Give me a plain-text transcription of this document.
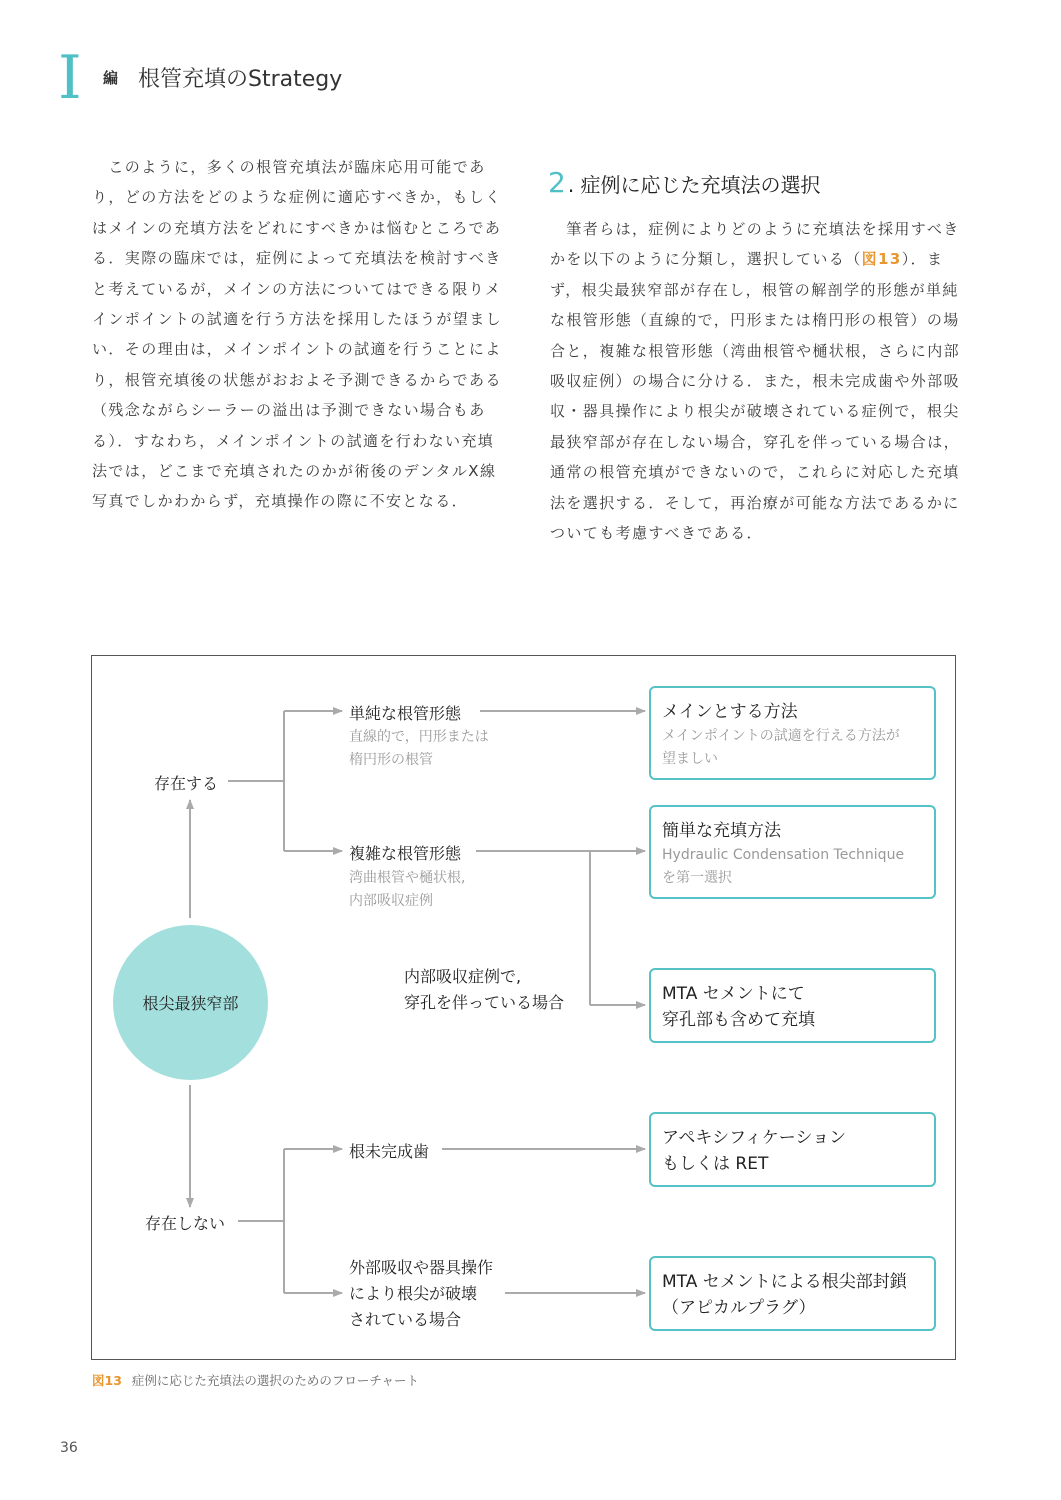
I 編 根管充填のStrategy

　このように，多くの根管充填法が臨床応用可能であり，どの方法をどのような症例に適応すべきか，もしくはメインの充填方法をどれにすべきかは悩むところである．実際の臨床では，症例によって充填法を検討すべきと考えているが，メインの方法についてはできる限りメインポイントの試適を行う方法を採用したほうが望ましい．その理由は，メインポイントの試適を行うことにより，根管充填後の状態がおおよそ予測できるからである（残念ながらシーラーの溢出は予測できない場合もある）．すなわち，メインポイントの試適を行わない充填法では，どこまで充填されたのかが術後のデンタルX線写真でしかわからず，充填操作の際に不安となる．

2 . 症例に応じた充填法の選択

　筆者らは，症例によりどのように充填法を採用すべきかを以下のように分類し，選択している（図13）．まず，根尖最狭窄部が存在し，根管の解剖学的形態が単純な根管形態（直線的で，円形または楕円形の根管）の場合と，複雑な根管形態（湾曲根管や樋状根，さらに内部吸収症例）の場合に分ける．また，根未完成歯や外部吸収・器具操作により根尖が破壊されている症例で，根尖最狭窄部が存在しない場合，穿孔を伴っている場合は，通常の根管充填ができないので，これらに対応した充填法を選択する．そして，再治療が可能な方法であるかについても考慮すべきである．

根尖最狭窄部
存在する
存在しない
単純な根管形態
直線的で，円形または
楕円形の根管
複雑な根管形態
湾曲根管や樋状根,
内部吸収症例
内部吸収症例で,
穿孔を伴っている場合
根未完成歯
外部吸収や器具操作
により根尖が破壊
されている場合
メインとする方法
メインポイントの試適を行える方法が
望ましい
簡単な充填方法
Hydraulic Condensation Technique
を第一選択
MTA セメントにて
穿孔部も含めて充填
アペキシフィケーション
もしくは RET
MTA セメントによる根尖部封鎖
（アピカルプラグ）
図13 症例に応じた充填法の選択のためのフローチャート
36
